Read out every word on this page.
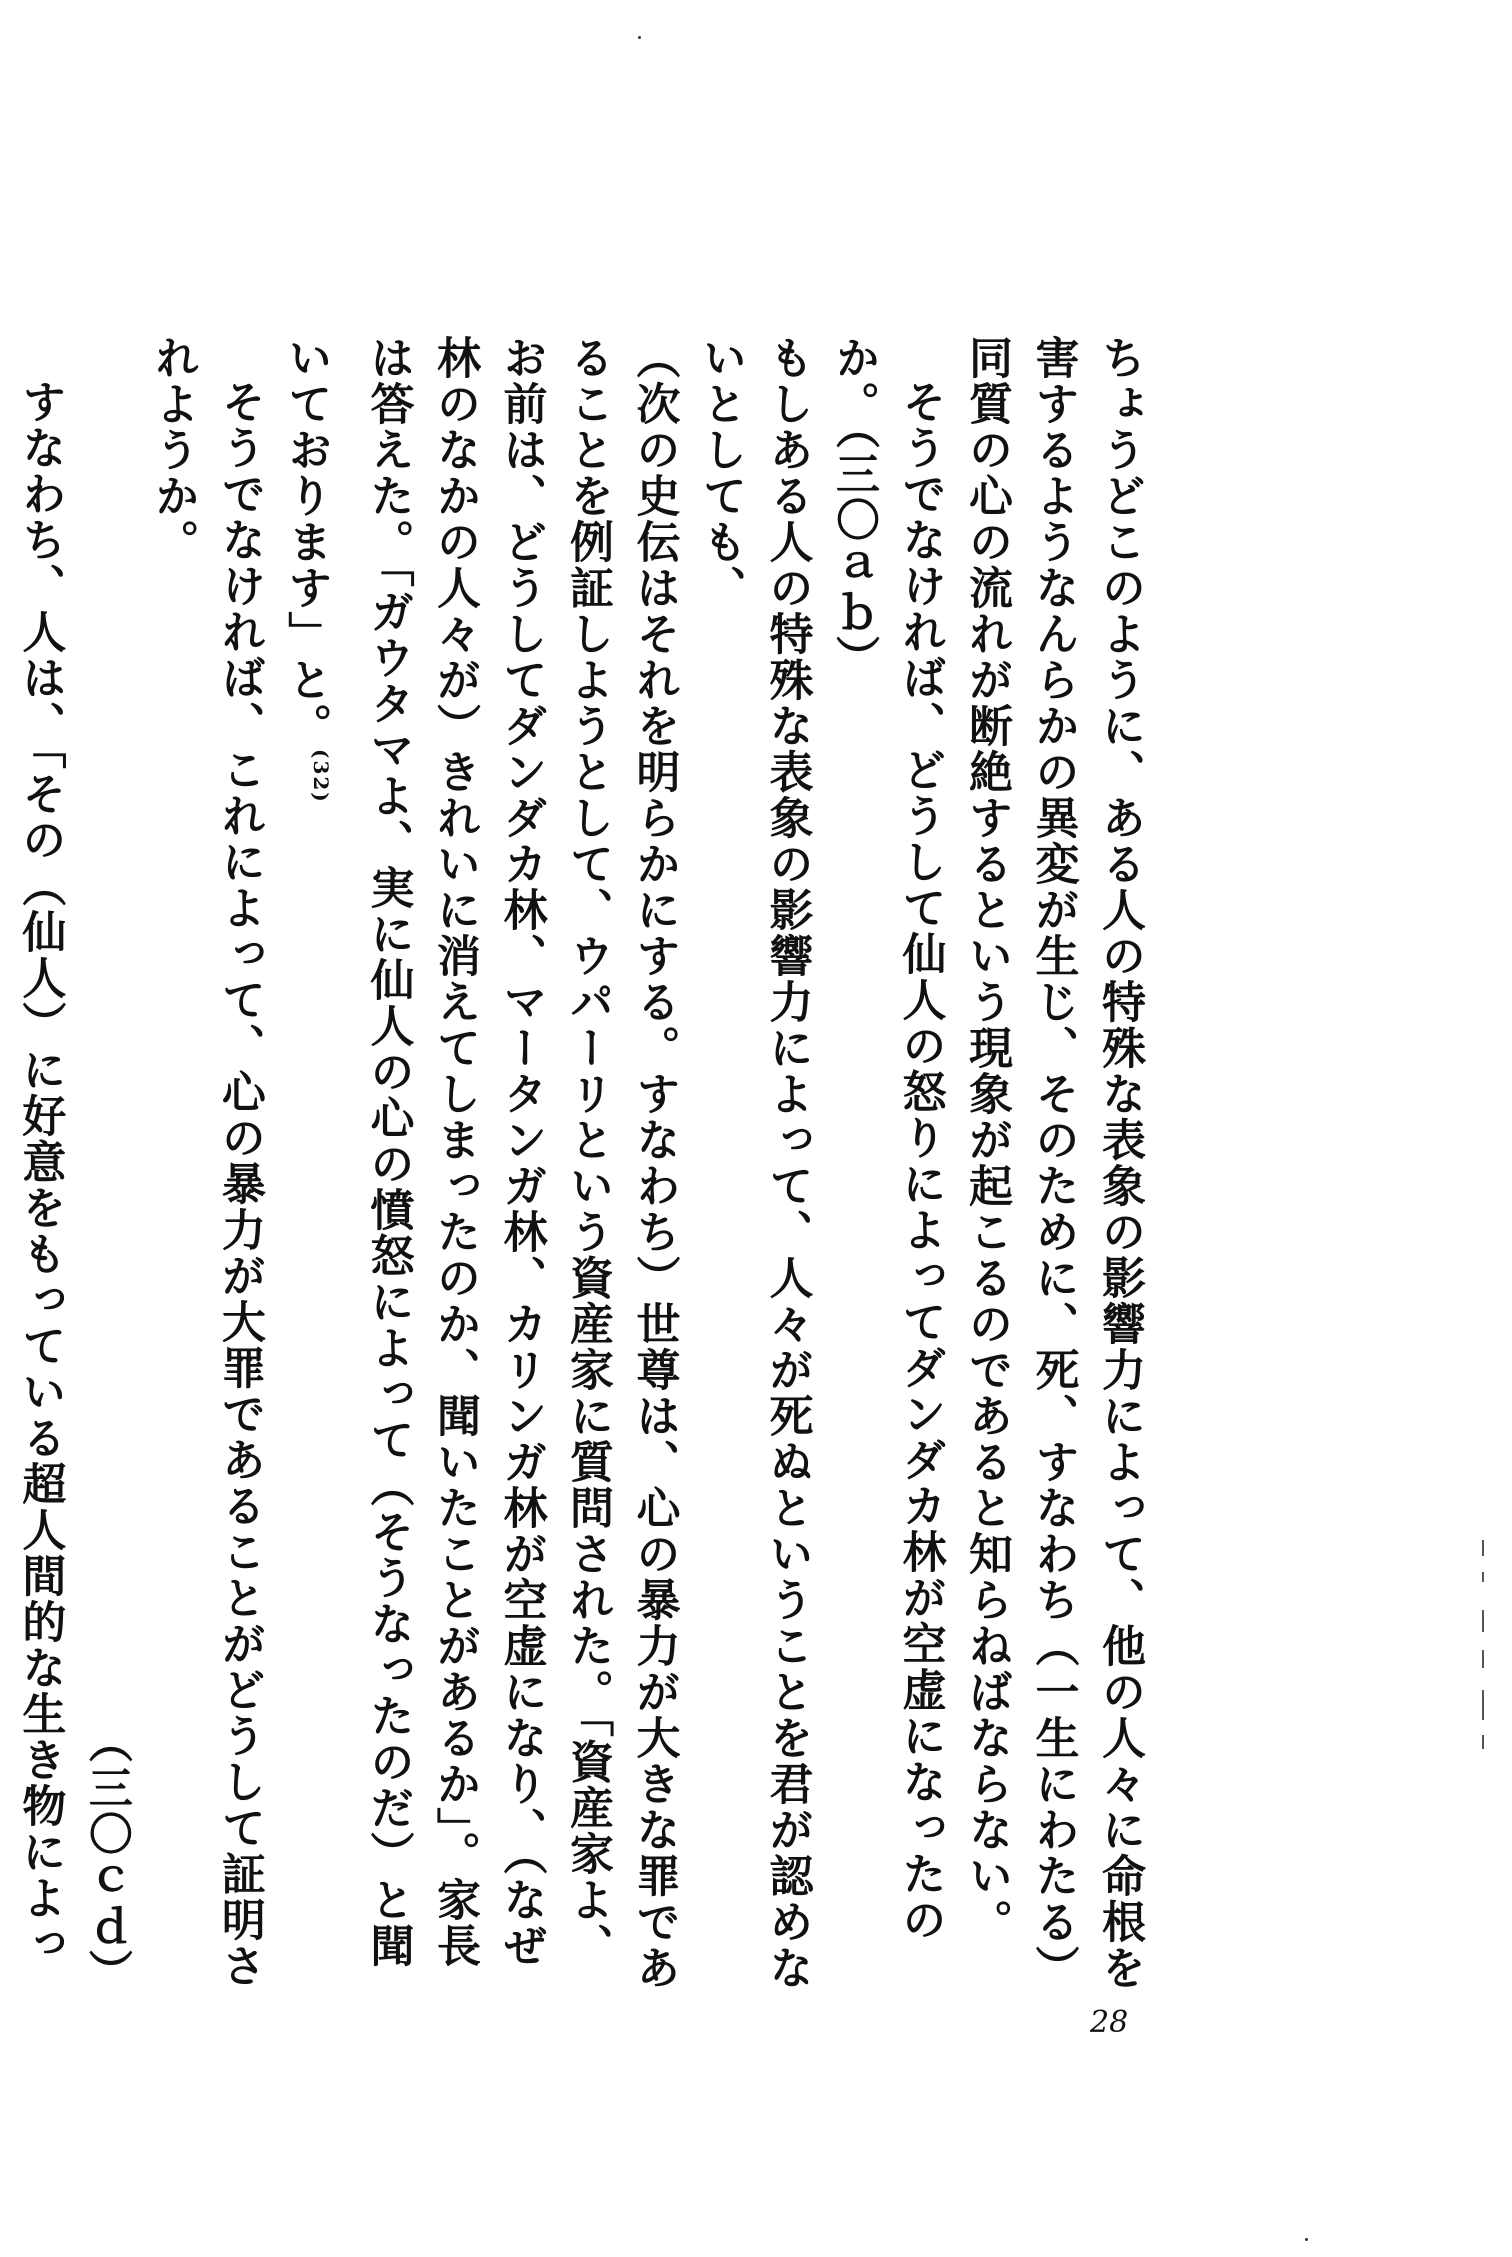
ちょうどこのように、ある人の特殊な表象の影響力によって、他の人々に命根を害するようなんらかの異変が生じ、そのために、死、すなわち（一生にわたる）同質の心の流れが断絶するという現象が起こるのであると知らねばならない。

そうでなければ、どうして仙人の怒りによってダンダカ林が空虚になったのか。（三〇ａｂ）

もしある人の特殊な表象の影響力によって、人々が死ぬということを君が認めないとしても、

（次の史伝はそれを明らかにする。すなわち）世尊は、心の暴力が大きな罪であることを例証しようとして、ウパーリという資産家に質問された。「資産家よ、お前は、どうしてダンダカ林、マータンガ林、カリンガ林が空虚になり、（なぜ林のなかの人々が）きれいに消えてしまったのか、聞いたことがあるか」。家長は答えた。「ガウタマよ、実に仙人の心の憤怒によって（そうなったのだ）と聞いております」と。$^{(32)}$

そうでなければ、これによって、心の暴力が大罪であることがどうして証明されようか。

（三〇ｃｄ）

すなわち、人は、「その（仙人）に好意をもっている超人間的な生き物によっ

28
